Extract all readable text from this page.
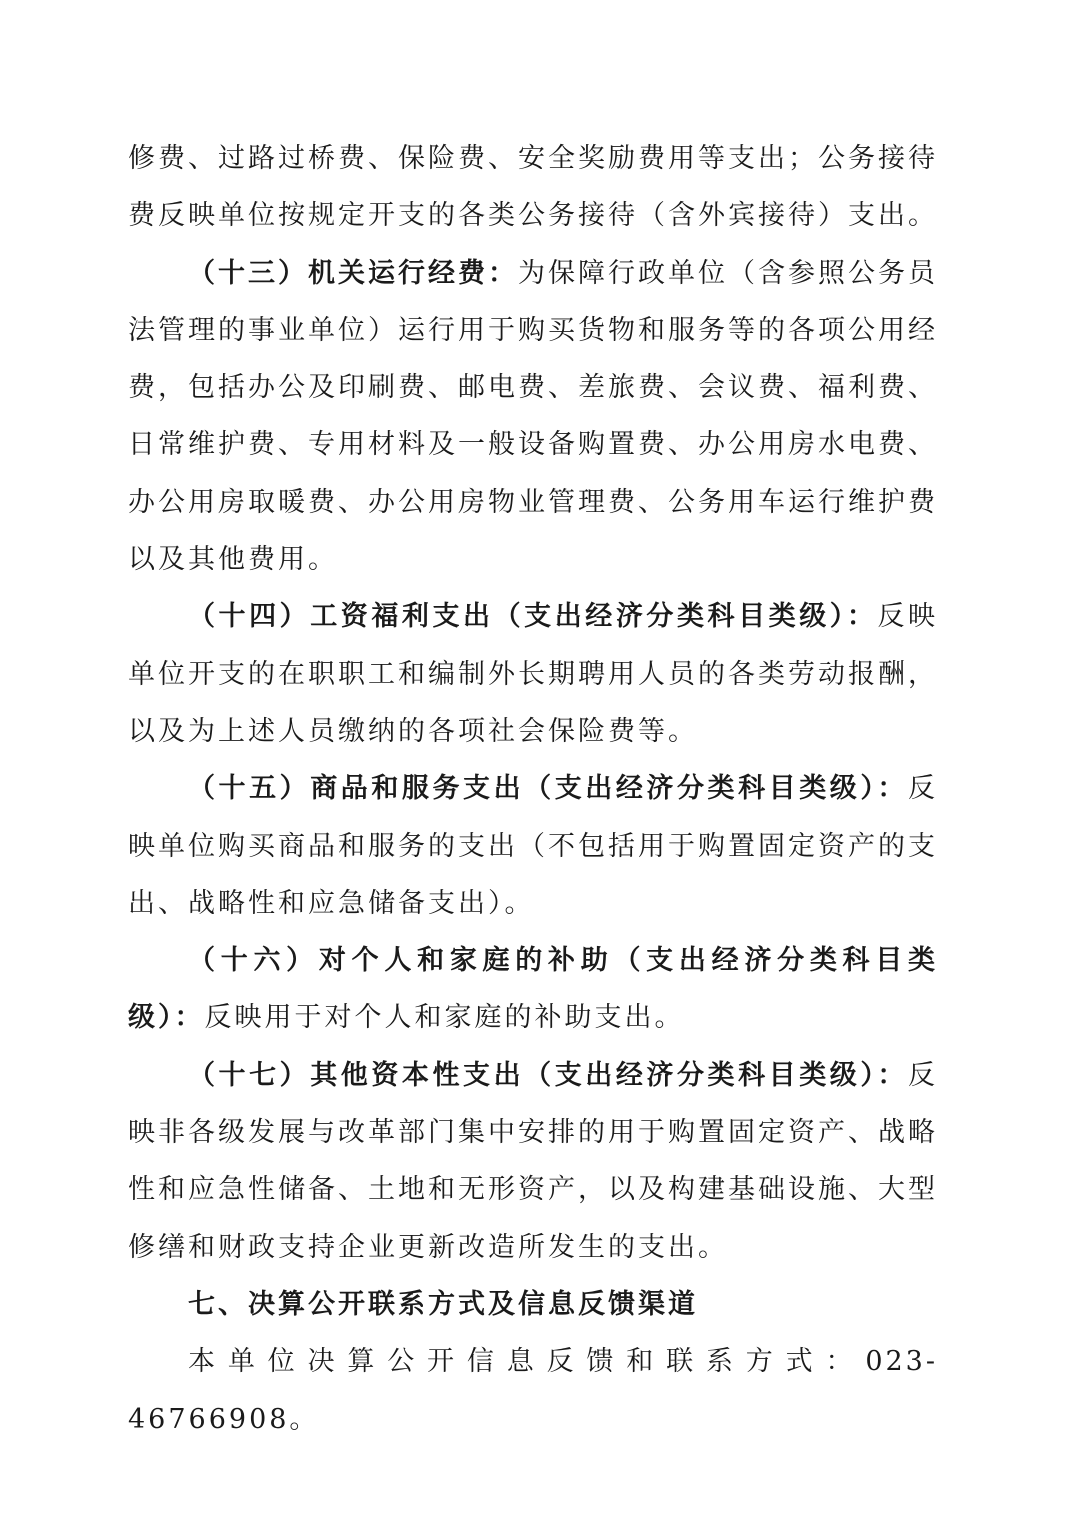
修费、过路过桥费、保险费、安全奖励费用等支出；公务接待费反映单位按规定开支的各类公务接待（含外宾接待）支出。

（十三）机关运行经费：为保障行政单位（含参照公务员法管理的事业单位）运行用于购买货物和服务等的各项公用经费，包括办公及印刷费、邮电费、差旅费、会议费、福利费、日常维护费、专用材料及一般设备购置费、办公用房水电费、办公用房取暖费、办公用房物业管理费、公务用车运行维护费以及其他费用。

（十四）工资福利支出（支出经济分类科目类级）：反映单位开支的在职职工和编制外长期聘用人员的各类劳动报酬，以及为上述人员缴纳的各项社会保险费等。

（十五）商品和服务支出（支出经济分类科目类级）：反映单位购买商品和服务的支出（不包括用于购置固定资产的支出、战略性和应急储备支出）。

（十六）对个人和家庭的补助（支出经济分类科目类级）：反映用于对个人和家庭的补助支出。

（十七）其他资本性支出（支出经济分类科目类级）：反映非各级发展与改革部门集中安排的用于购置固定资产、战略性和应急性储备、土地和无形资产，以及构建基础设施、大型修缮和财政支持企业更新改造所发生的支出。

七、决算公开联系方式及信息反馈渠道

本单位决算公开信息反馈和联系方式：023-46766908。
